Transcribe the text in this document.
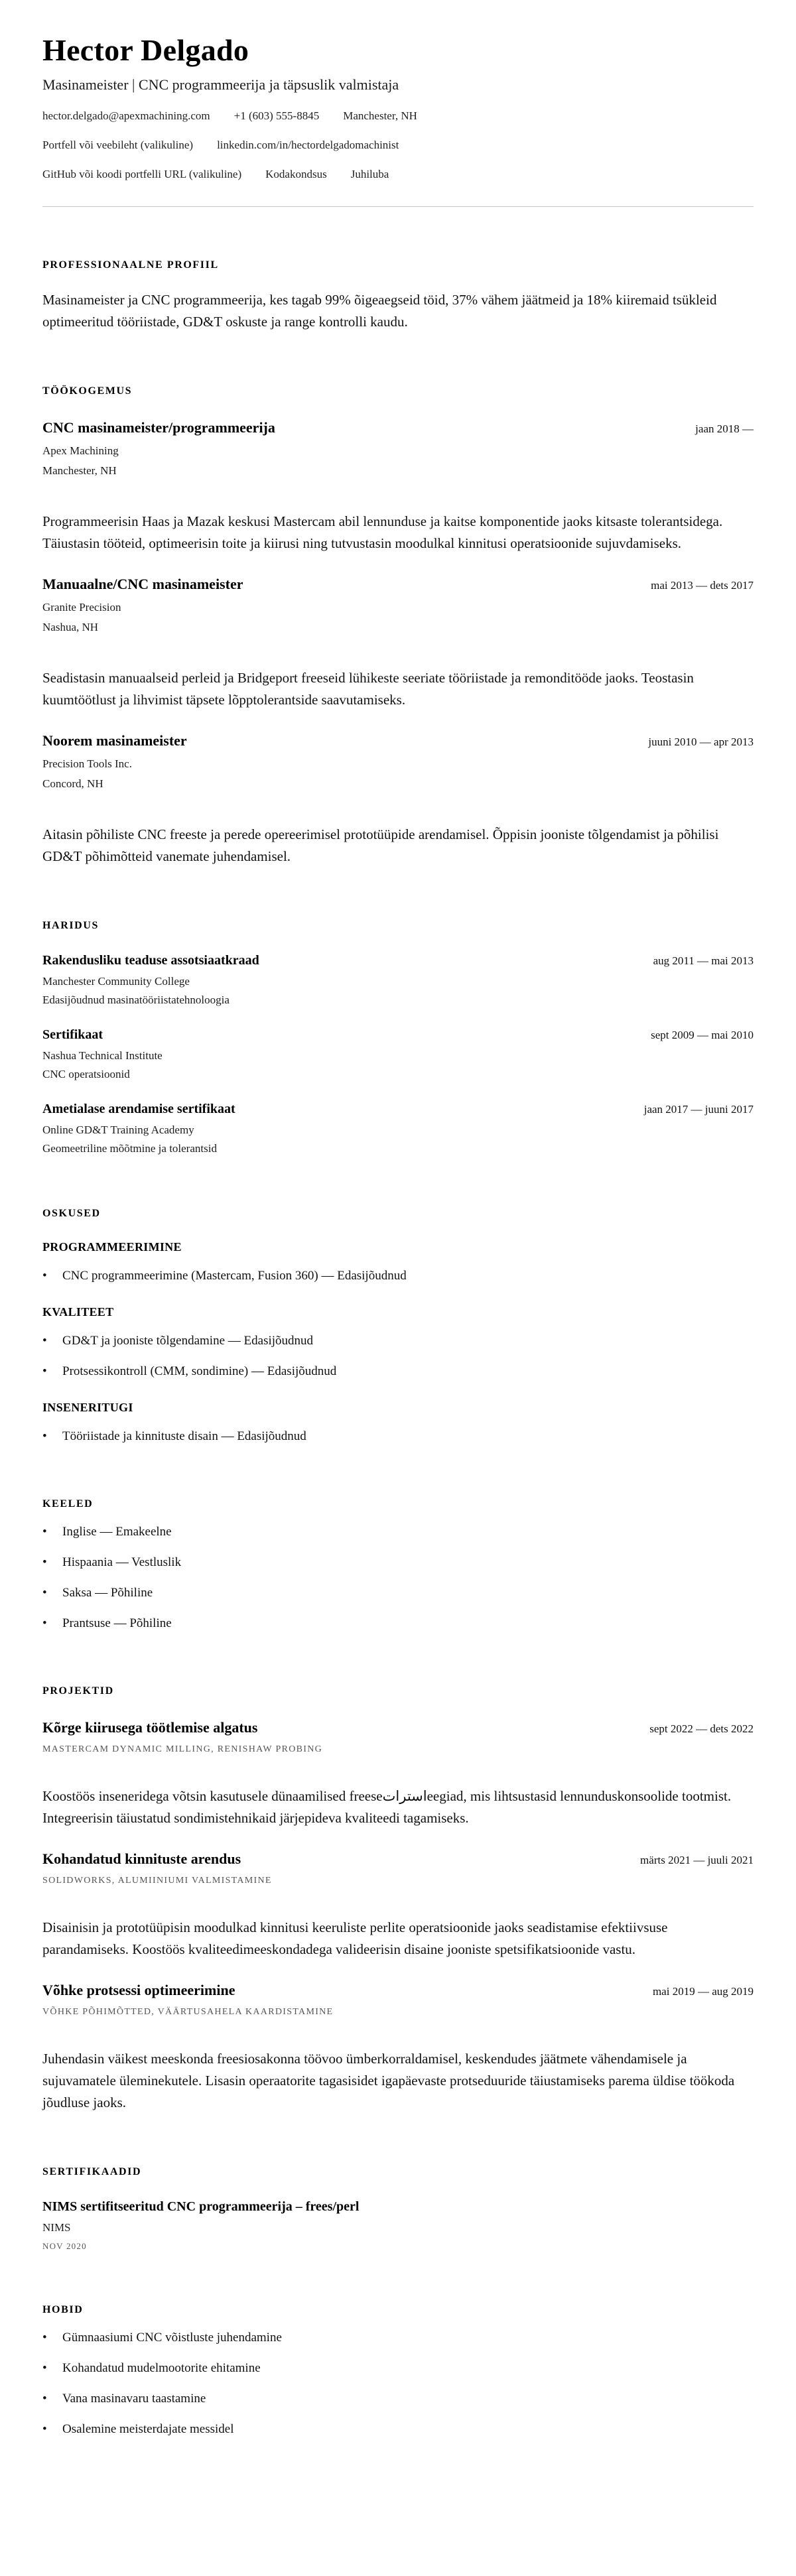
Hector Delgado
Masinameister | CNC programmeerija ja täpsuslik valmistaja
hector.delgado@apexmachining.com +1 (603) 555-8845 Manchester, NH
Portfell või veebileht (valikuline) linkedin.com/in/hectordelgadomachinist
GitHub või koodi portfelli URL (valikuline) Kodakondsus Juhiluba
PROFESSIONAALNE PROFIIL

Masinameister ja CNC programmeerija, kes tagab 99% õigeaegseid töid, 37% vähem jäätmeid ja 18% kiiremaid tsükleid optimeeritud tööriistade, GD&T oskuste ja range kontrolli kaudu.

TÖÖKOGEMUS
CNC masinameister/programmeerija	jaan 2018 —
Apex Machining
Manchester, NH

Programmeerisin Haas ja Mazak keskusi Mastercam abil lennunduse ja kaitse komponentide jaoks kitsaste tolerantsidega. Täiustasin tööteid, optimeerisin toite ja kiirusi ning tutvustasin moodulkal kinnitusi operatsioonide sujuvdamiseks.

Manuaalne/CNC masinameister	mai 2013 — dets 2017
Granite Precision
Nashua, NH

Seadistasin manuaalseid perleid ja Bridgeport freeseid lühikeste seeriate tööriistade ja remonditööde jaoks. Teostasin kuumtöötlust ja lihvimist täpsete lõpptolerantside saavutamiseks.

Noorem masinameister	juuni 2010 — apr 2013
Precision Tools Inc.
Concord, NH

Aitasin põhiliste CNC freeste ja perede opereerimisel prototüüpide arendamisel. Õppisin jooniste tõlgendamist ja põhilisi GD&T põhimõtteid vanemate juhendamisel.

HARIDUS
Rakendusliku teaduse assotsiaatkraad	aug 2011 — mai 2013
Manchester Community College
Edasijõudnud masinatööriistatehnoloogia
Sertifikaat	sept 2009 — mai 2010
Nashua Technical Institute
CNC operatsioonid
Ametialase arendamise sertifikaat	jaan 2017 — juuni 2017
Online GD&T Training Academy
Geomeetriline mõõtmine ja tolerantsid
OSKUSED
PROGRAMMEERIMINE
•
CNC programmeerimine (Mastercam, Fusion 360) — Edasijõudnud
KVALITEET
•
GD&T ja jooniste tõlgendamine — Edasijõudnud
•
Protsessikontroll (CMM, sondimine) — Edasijõudnud
INSENERITUGI
•
Tööriistade ja kinnituste disain — Edasijõudnud
KEELED
•
Inglise — Emakeelne
•
Hispaania — Vestluslik
•
Saksa — Põhiline
•
Prantsuse — Põhiline
PROJEKTID
Kõrge kiirusega töötlemise algatus	sept 2022 — dets 2022
MASTERCAM DYNAMIC MILLING, RENISHAW PROBING

Koostöös inseneridega võtsin kasutusele dünaamilised freeseاستراتeegiad, mis lihtsustasid lennunduskonsoolide tootmist. Integreerisin täiustatud sondimistehnikaid järjepideva kvaliteedi tagamiseks.

Kohandatud kinnituste arendus	märts 2021 — juuli 2021
SOLIDWORKS, ALUMIINIUMI VALMISTAMINE

Disainisin ja prototüüpisin moodulkad kinnitusi keeruliste perlite operatsioonide jaoks seadistamise efektiivsuse parandamiseks. Koostöös kvaliteedimeeskondadega valideerisin disaine jooniste spetsifikatsioonide vastu.

Võhke protsessi optimeerimine	mai 2019 — aug 2019
VÕHKE PÕHIMÕTTED, VÄÄRTUSAHELA KAARDISTAMINE

Juhendasin väikest meeskonda freesiosakonna töövoo ümberkorraldamisel, keskendudes jäätmete vähendamisele ja sujuvamatele üleminekutele. Lisasin operaatorite tagasisidet igapäevaste protseduuride täiustamiseks parema üldise töökoda jõudluse jaoks.

SERTIFIKAADID
NIMS sertifitseeritud CNC programmeerija – frees/perl
NIMS
NOV 2020
HOBID
•
Gümnaasiumi CNC võistluste juhendamine
•
Kohandatud mudelmootorite ehitamine
•
Vana masinavaru taastamine
•
Osalemine meisterdajate messidel
